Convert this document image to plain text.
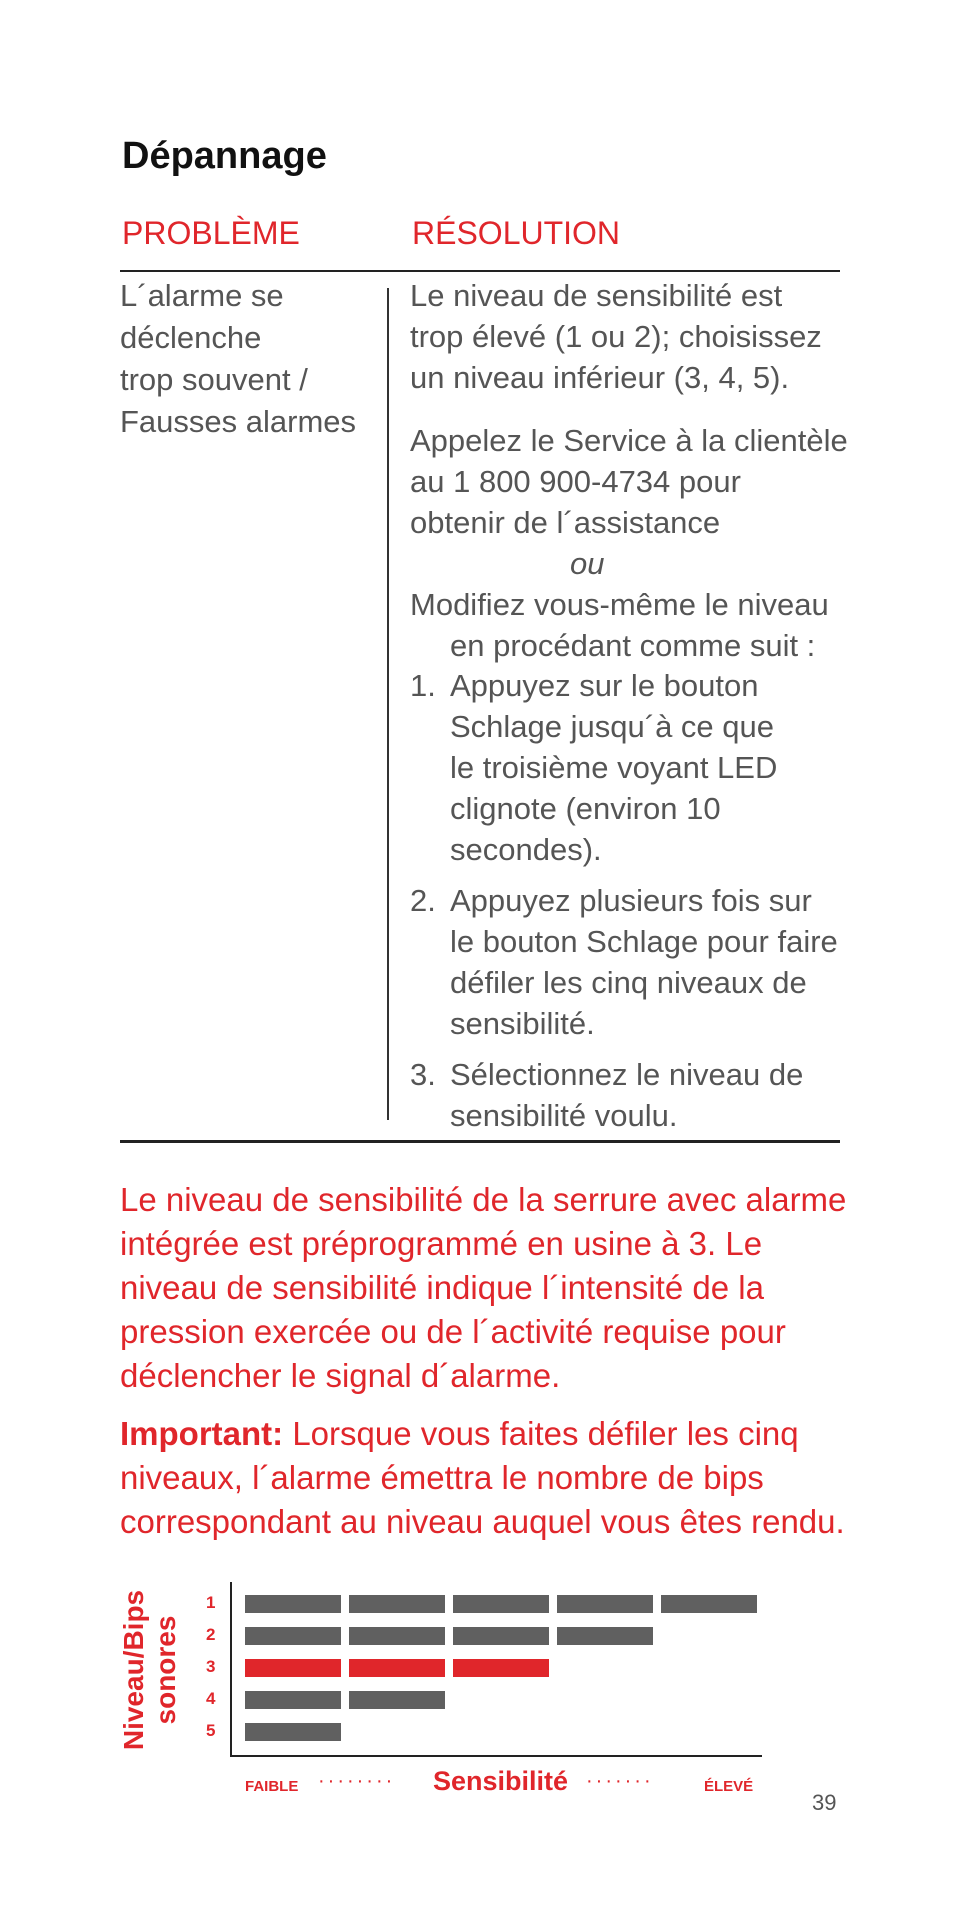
Dépannage
PROBLÈME	RÉSOLUTION
L´alarme se
déclenche
trop souvent /
Fausses alarmes
Le niveau de sensibilité est
trop élevé (1 ou 2); choisissez
un niveau inférieur (3, 4, 5).
Appelez le Service à la clientèle
au 1 800 900-4734 pour
obtenir de l´assistance
ou
Modifiez vous-même le niveau
en procédant comme suit :
1. Appuyez sur le bouton
Schlage jusqu´à ce que
le troisième voyant LED
clignote (environ 10
secondes).
2. Appuyez plusieurs fois sur
le bouton Schlage pour faire
défiler les cinq niveaux de
sensibilité.
3. Sélectionnez le niveau de
sensibilité voulu.
Le niveau de sensibilité de la serrure avec alarme
intégrée est préprogrammé en usine à 3. Le
niveau de sensibilité indique l´intensité de la
pression exercée ou de l´activité requise pour
déclencher le signal d´alarme.
Important: Lorsque vous faites défiler les cinq
niveaux, l´alarme émettra le nombre de bips
correspondant au niveau auquel vous êtes rendu.
Niveau/Bips sonores
1
2
3
4
5
FAIBLE ········ Sensibilité ·······	ÉLEVÉ
39
